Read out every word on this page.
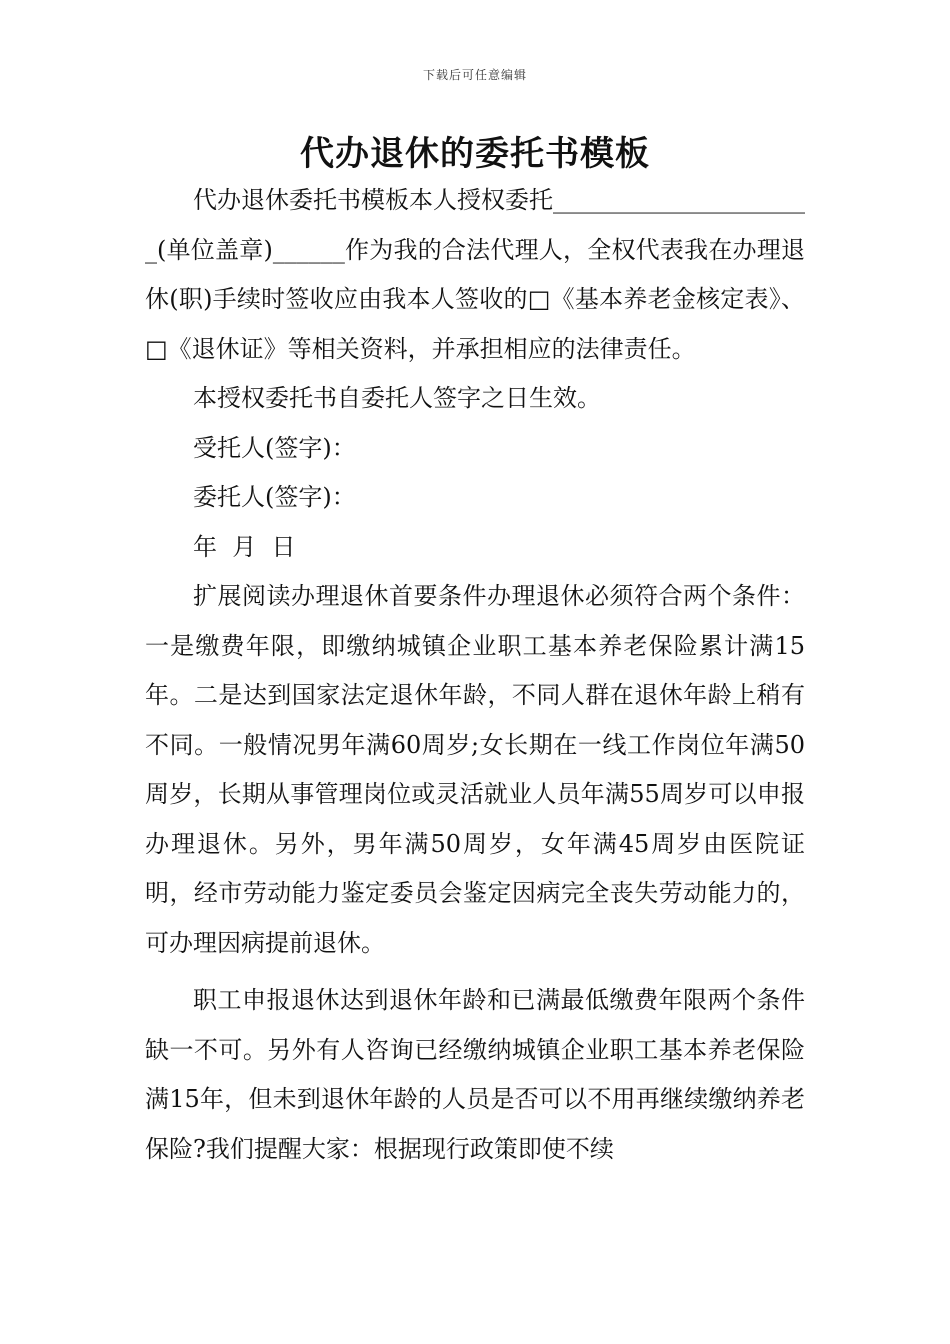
下载后可任意编辑
代办退休的委托书模板

代办退休委托书模板本人授权委托______________________(单位盖章)______作为我的合法代理人，全权代表我在办理退休(职)手续时签收应由我本人签收的□《基本养老金核定表》、□《退休证》等相关资料，并承担相应的法律责任。

本授权委托书自委托人签字之日生效。

受托人(签字)：

委托人(签字)：

年  月  日

扩展阅读办理退休首要条件办理退休必须符合两个条件：一是缴费年限，即缴纳城镇企业职工基本养老保险累计满15年。二是达到国家法定退休年龄，不同人群在退休年龄上稍有不同。一般情况男年满60周岁;女长期在一线工作岗位年满50周岁，长期从事管理岗位或灵活就业人员年满55周岁可以申报办理退休。另外，男年满50周岁，女年满45周岁由医院证明，经市劳动能力鉴定委员会鉴定因病完全丧失劳动能力的，可办理因病提前退休。

职工申报退休达到退休年龄和已满最低缴费年限两个条件缺一不可。另外有人咨询已经缴纳城镇企业职工基本养老保险满15年，但未到退休年龄的人员是否可以不用再继续缴纳养老保险?我们提醒大家：根据现行政策即使不续
